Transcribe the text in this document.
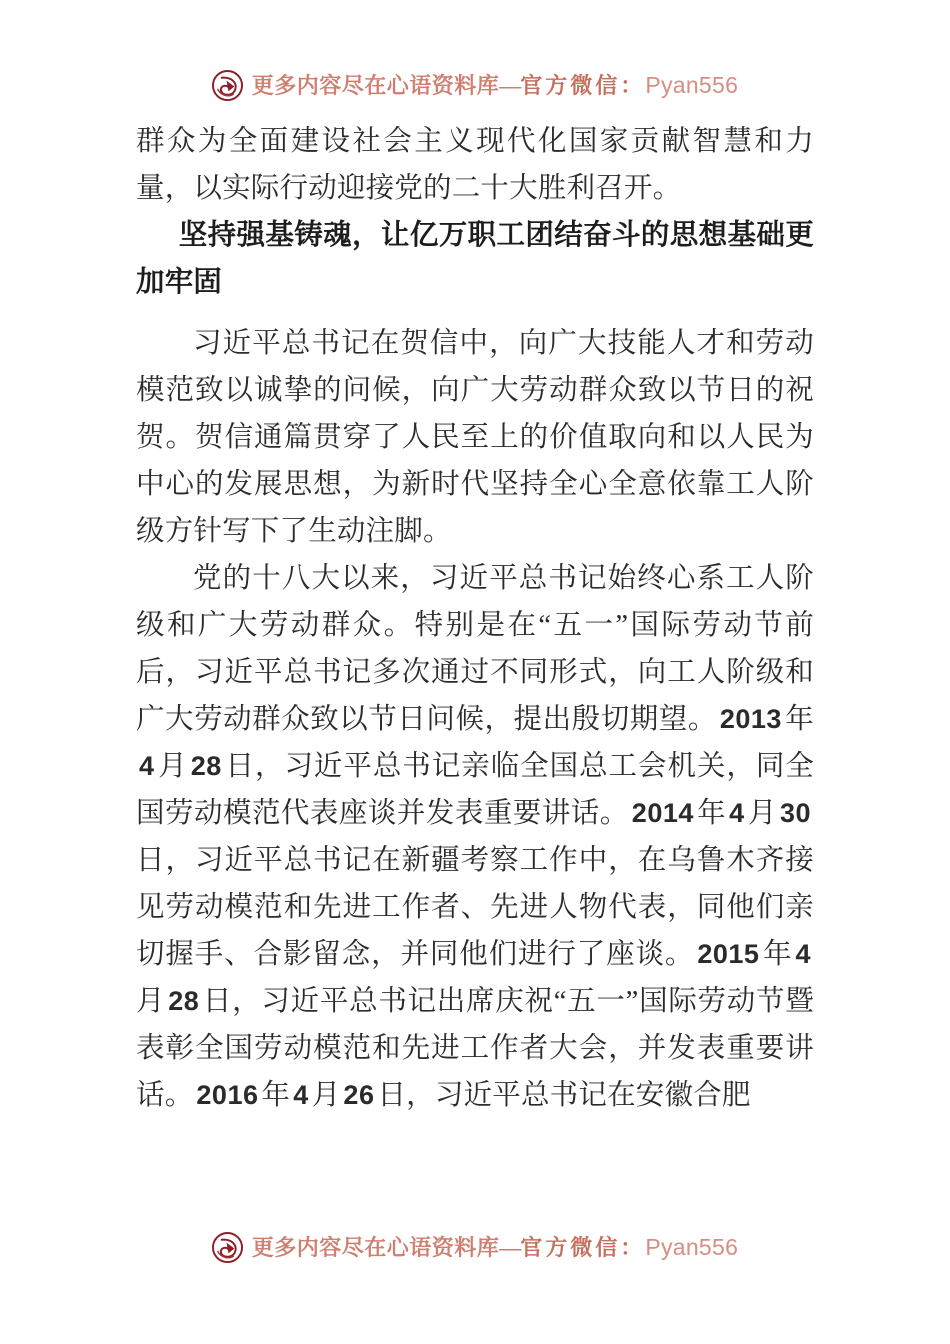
更多内容尽在心语资料库—官方微信：Pyan556

群众为全面建设社会主义现代化国家贡献智慧和力量，以实际行动迎接党的二十大胜利召开。

坚持强基铸魂，让亿万职工团结奋斗的思想基础更加牢固

习近平总书记在贺信中，向广大技能人才和劳动模范致以诚挚的问候，向广大劳动群众致以节日的祝贺。贺信通篇贯穿了人民至上的价值取向和以人民为中心的发展思想，为新时代坚持全心全意依靠工人阶级方针写下了生动注脚。

党的十八大以来，习近平总书记始终心系工人阶级和广大劳动群众。特别是在“五一”国际劳动节前后，习近平总书记多次通过不同形式，向工人阶级和广大劳动群众致以节日问候，提出殷切期望。 2013 年4 月 28 日，习近平总书记亲临全国总工会机关，同全国劳动模范代表座谈并发表重要讲话。 2014 年 4 月 30日，习近平总书记在新疆考察工作中，在乌鲁木齐接见劳动模范和先进工作者、先进人物代表，同他们亲切握手、合影留念，并同他们进行了座谈。 2015 年 4月 28 日，习近平总书记出席庆祝“五一”国际劳动节暨表彰全国劳动模范和先进工作者大会，并发表重要讲话。 2016 年 4 月 26 日，习近平总书记在安徽合肥

更多内容尽在心语资料库—官方微信：Pyan556
